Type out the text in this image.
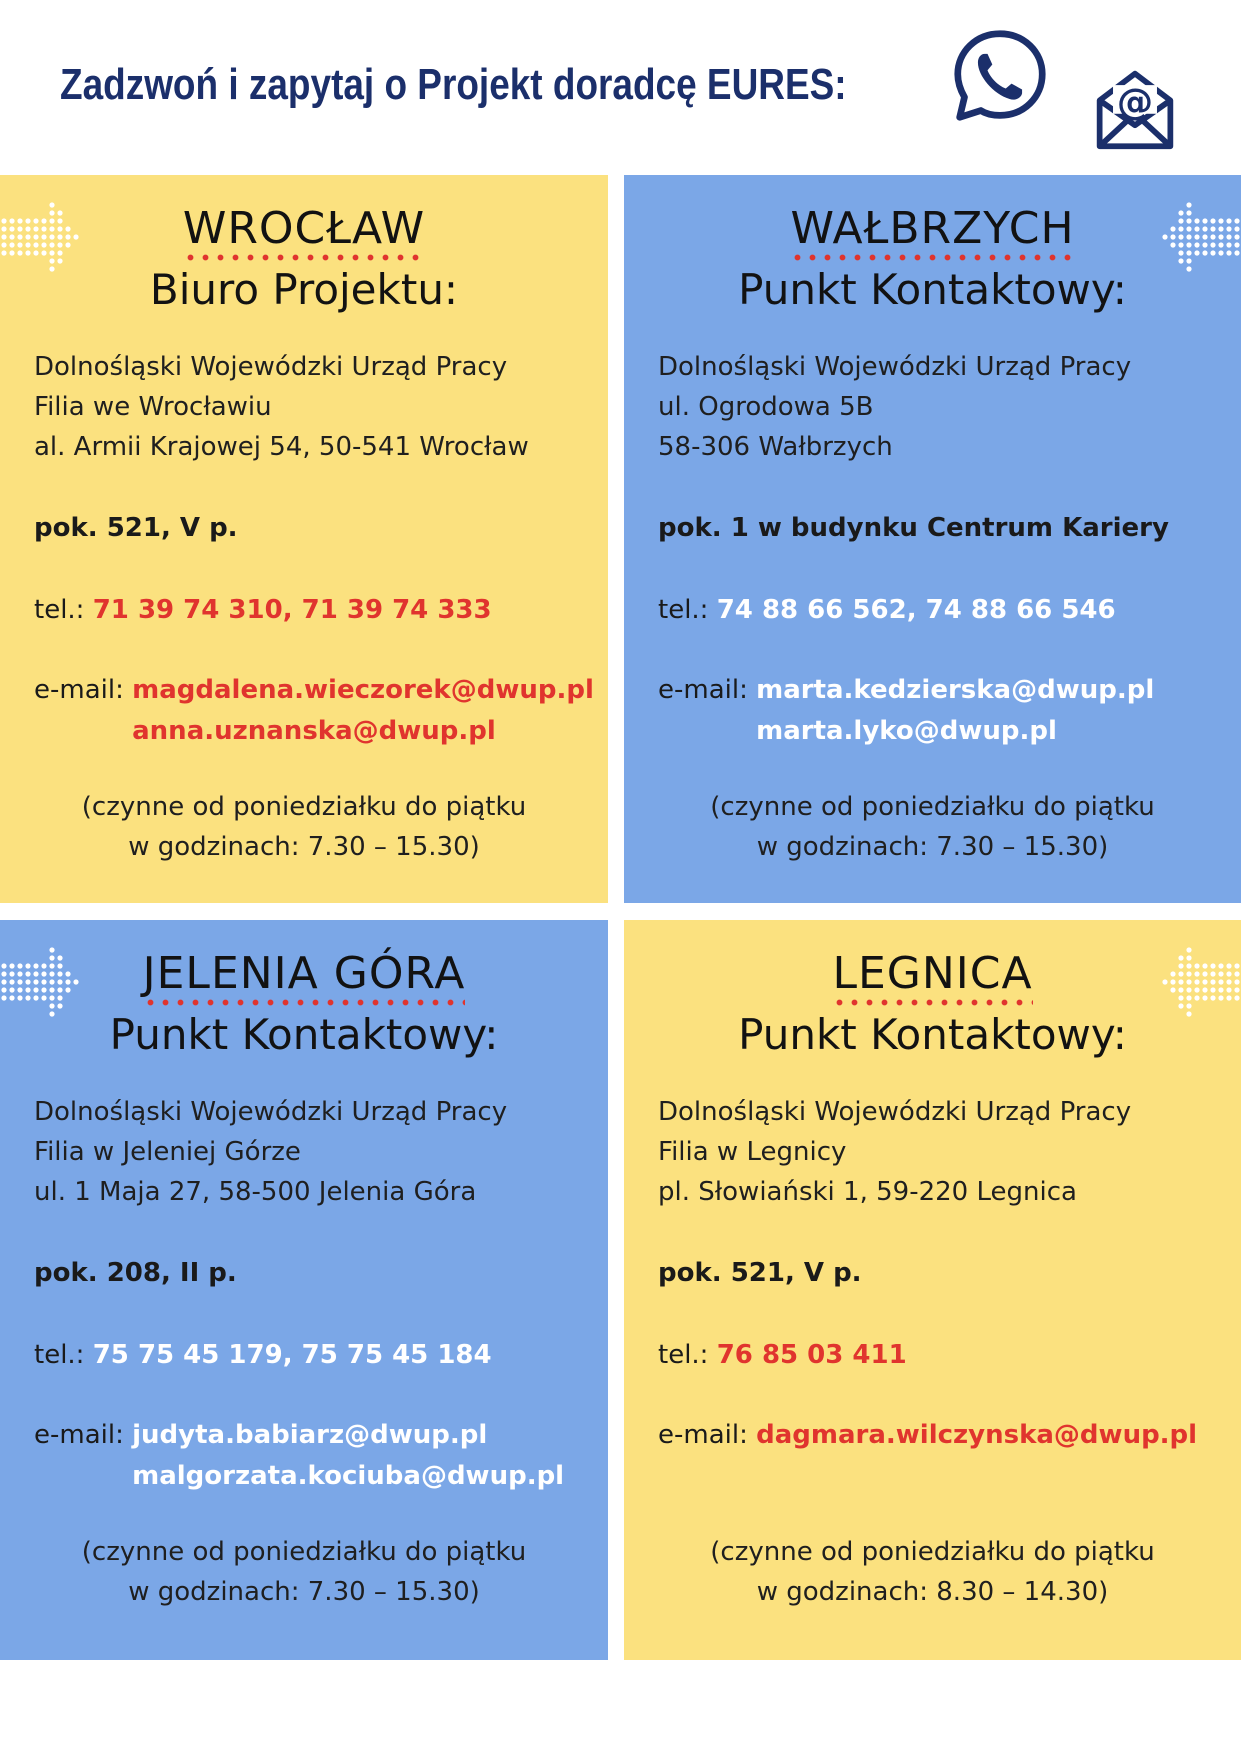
Zadzwoń i zapytaj o Projekt doradcę EURES:	@
WROCŁAW
Biuro Projektu:
Dolnośląski Wojewódzki Urząd Pracy
Filia we Wrocławiu
al. Armii Krajowej 54, 50-541 Wrocław
pok. 521, V p.
tel.: 71 39 74 310, 71 39 74 333
e-mail: magdalena.wieczorek@dwup.pl
anna.uznanska@dwup.pl
(czynne od poniedziałku do piątku
w godzinach: 7.30 – 15.30)
WAŁBRZYCH
Punkt Kontaktowy:
Dolnośląski Wojewódzki Urząd Pracy
ul. Ogrodowa 5B
58-306 Wałbrzych
pok. 1 w budynku Centrum Kariery
tel.: 74 88 66 562, 74 88 66 546
e-mail: marta.kedzierska@dwup.pl
marta.lyko@dwup.pl
(czynne od poniedziałku do piątku
w godzinach: 7.30 – 15.30)
JELENIA GÓRA
Punkt Kontaktowy:
Dolnośląski Wojewódzki Urząd Pracy
Filia w Jeleniej Górze
ul. 1 Maja 27, 58-500 Jelenia Góra
pok. 208, II p.
tel.: 75 75 45 179, 75 75 45 184
e-mail: judyta.babiarz@dwup.pl
malgorzata.kociuba@dwup.pl
(czynne od poniedziałku do piątku
w godzinach: 7.30 – 15.30)
LEGNICA
Punkt Kontaktowy:
Dolnośląski Wojewódzki Urząd Pracy
Filia w Legnicy
pl. Słowiański 1, 59-220 Legnica
pok. 521, V p.
tel.: 76 85 03 411
e-mail: dagmara.wilczynska@dwup.pl
(czynne od poniedziałku do piątku
w godzinach: 8.30 – 14.30)
